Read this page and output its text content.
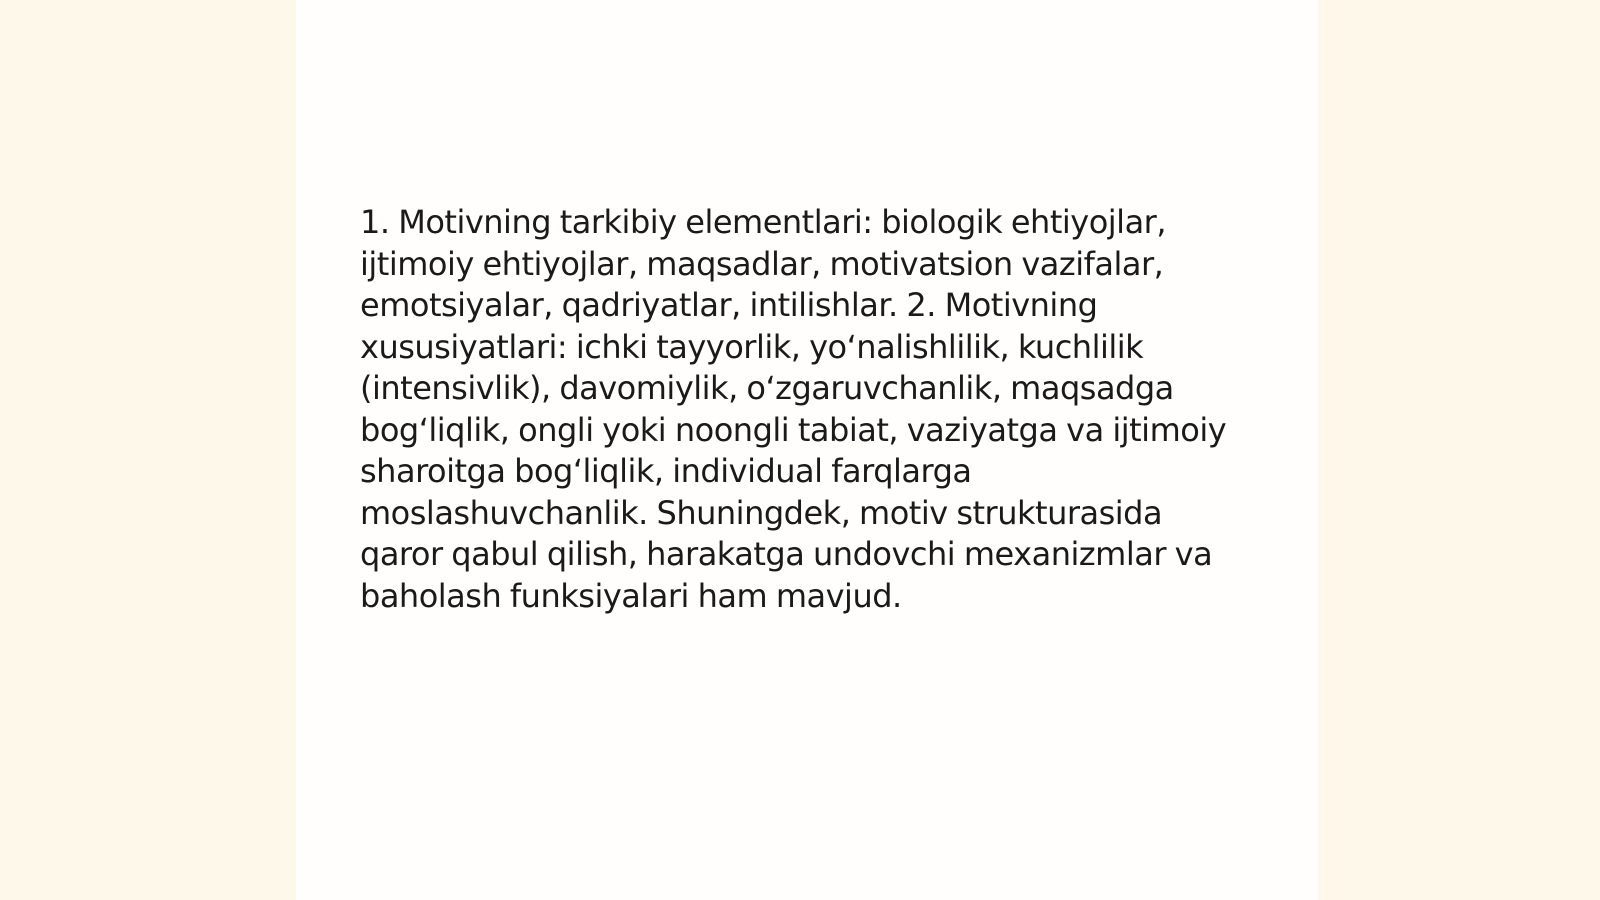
1. Motivning tarkibiy elementlari: biologik ehtiyojlar, ijtimoiy ehtiyojlar, maqsadlar, motivatsion vazifalar, emotsiyalar, qadriyatlar, intilishlar. 2. Motivning xususiyatlari: ichki tayyorlik, yo‘nalishlilik, kuchlilik (intensivlik), davomiylik, o‘zgaruvchanlik, maqsadga bog‘liqlik, ongli yoki noongli tabiat, vaziyatga va ijtimoiy sharoitga bog‘liqlik, individual farqlarga moslashuvchanlik. Shuningdek, motiv strukturasida qaror qabul qilish, harakatga undovchi mexanizmlar va baholash funksiyalari ham mavjud.
